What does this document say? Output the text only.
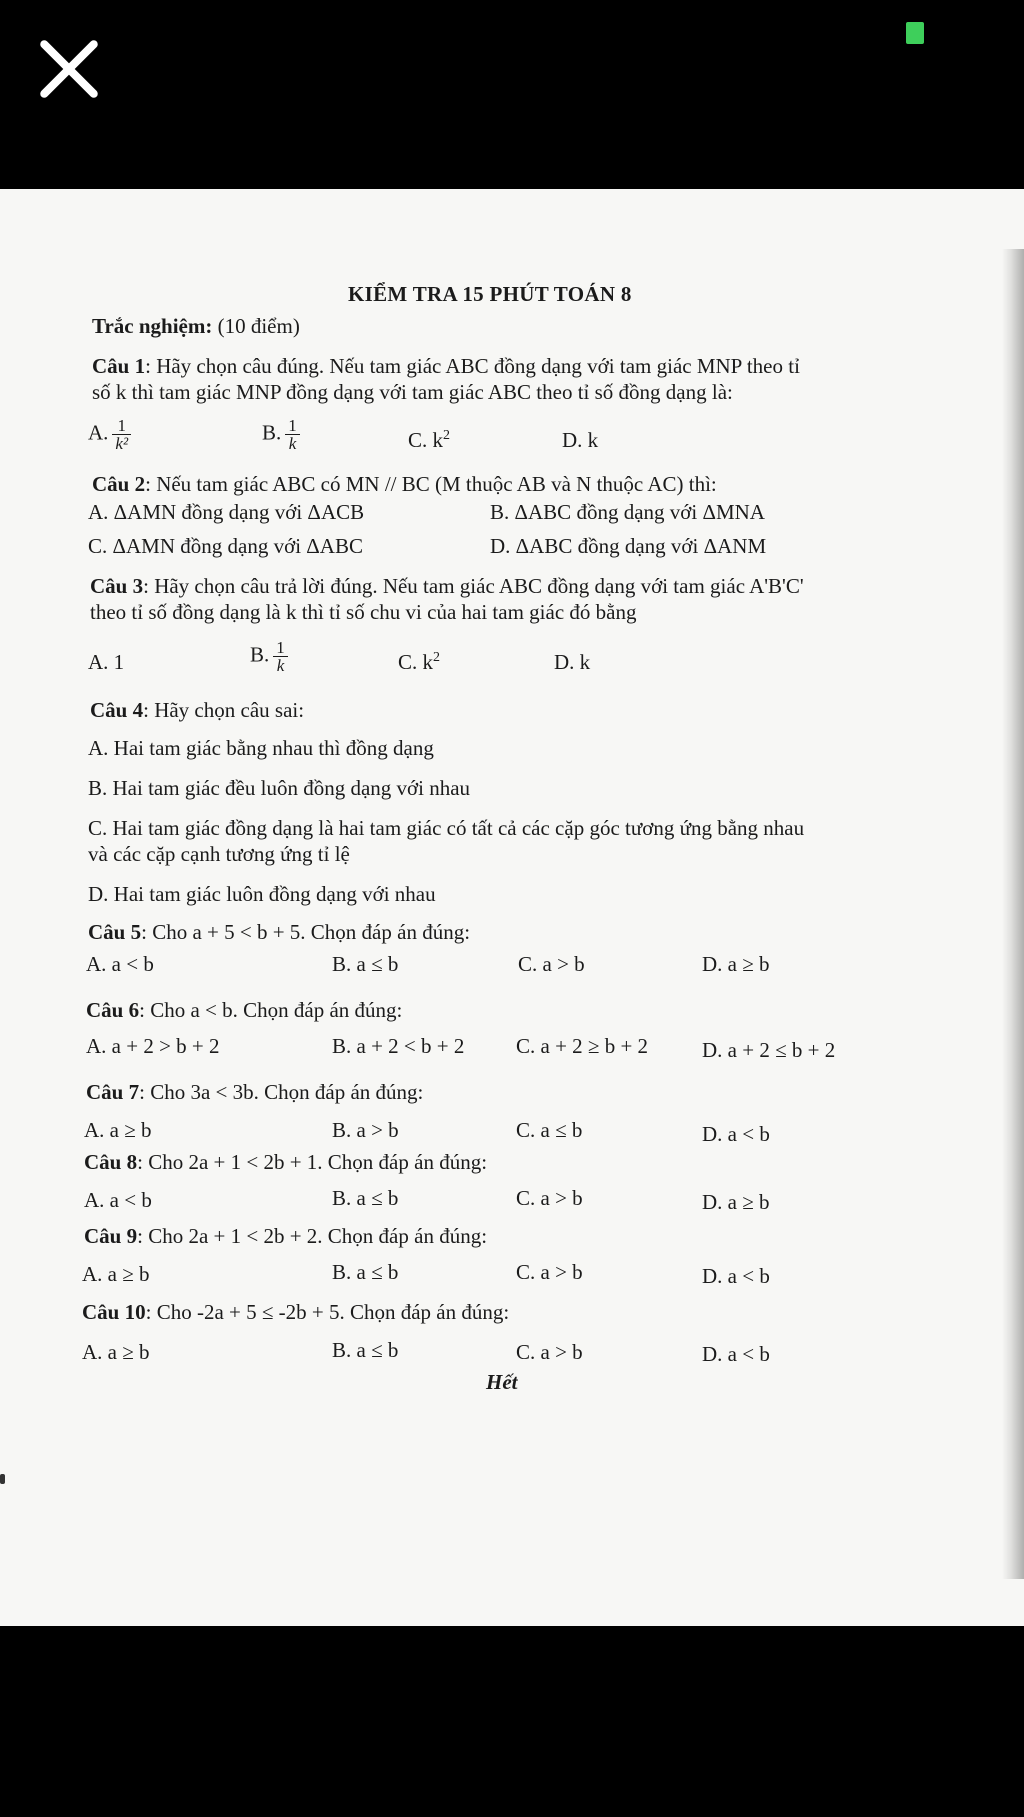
KIỂM TRA 15 PHÚT TOÁN 8
Trắc nghiệm: (10 điểm)
Câu 1: Hãy chọn câu đúng. Nếu tam giác ABC đồng dạng với tam giác MNP theo tỉ
số k thì tam giác MNP đồng dạng với tam giác ABC theo tỉ số đồng dạng là:
A. $\frac{1}{\text{k²}}$	B. $\frac{1}{k}$	C. $k^2$	D. k
Câu 2: Nếu tam giác ABC có MN // BC (M thuộc AB và N thuộc AC) thì:
A. ΔAMN đồng dạng với ΔACB	B. ΔABC đồng dạng với ΔMNA
C. ΔAMN đồng dạng với ΔABC	D. ΔABC đồng dạng với ΔANM
Câu 3: Hãy chọn câu trả lời đúng. Nếu tam giác ABC đồng dạng với tam giác A'B'C'
theo tỉ số đồng dạng là k thì tỉ số chu vi của hai tam giác đó bằng
A. 1	B. $\frac{1}{k}$	C. $k^2$	D. k
Câu 4: Hãy chọn câu sai:
A. Hai tam giác bằng nhau thì đồng dạng
B. Hai tam giác đều luôn đồng dạng với nhau
C. Hai tam giác đồng dạng là hai tam giác có tất cả các cặp góc tương ứng bằng nhau
và các cặp cạnh tương ứng tỉ lệ
D. Hai tam giác luôn đồng dạng với nhau
Câu 5: Cho a + 5 < b + 5. Chọn đáp án đúng:
A. a < b	B. a ≤ b	C. a > b	D. a ≥ b
Câu 6: Cho a < b. Chọn đáp án đúng:
A. a + 2 > b + 2	B. a + 2 < b + 2 C. a + 2 ≥ b + 2	D. a + 2 ≤ b + 2
Câu 7: Cho 3a < 3b. Chọn đáp án đúng:
A. a ≥ b	B. a > b	C. a ≤ b	D. a < b
Câu 8: Cho 2a + 1 < 2b + 1. Chọn đáp án đúng:
A. a < b	B. a ≤ b	C. a > b	D. a ≥ b
Câu 9: Cho 2a + 1 < 2b + 2. Chọn đáp án đúng:
A. a ≥ b	B. a ≤ b	C. a > b	D. a < b
Câu 10: Cho -2a + 5 ≤ -2b + 5. Chọn đáp án đúng:
A. a ≥ b	B. a ≤ b	C. a > b	D. a < b
Hết
